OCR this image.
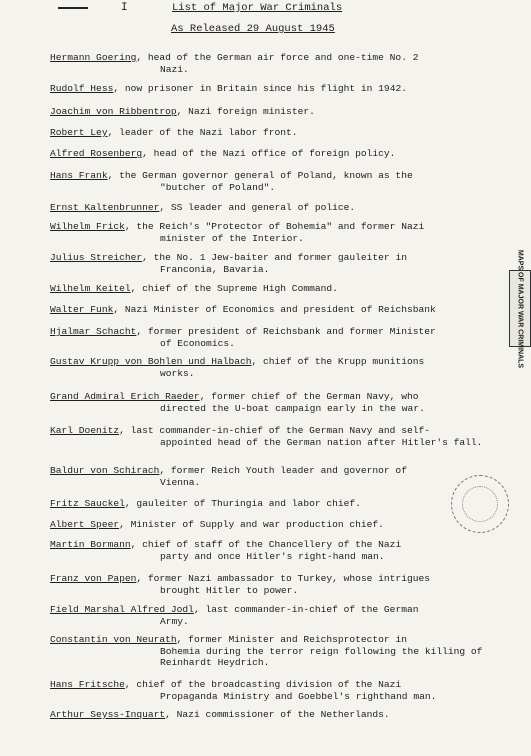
I	List of Major War Criminals
As Released 29 August 1945
Hermann Goering, head of the German air force and one-time No. 2
Nazi.
Rudolf Hess, now prisoner in Britain since his flight in 1942.
Joachim von Ribbentrop, Nazi foreign minister.
Robert Ley, leader of the Nazi labor front.
Alfred Rosenberg, head of the Nazi office of foreign policy.
Hans Frank, the German governor general of Poland, known as the
"butcher of Poland".
Ernst Kaltenbrunner, SS leader and general of police.
Wilhelm Frick, the Reich's "Protector of Bohemia" and former Nazi
minister of the Interior.
Julius Streicher, the No. 1 Jew-baiter and former gauleiter in
Franconia, Bavaria.
Wilhelm Keitel, chief of the Supreme High Command.
Walter Funk, Nazi Minister of Economics and president of Reichsbank
Hjalmar Schacht, former president of Reichsbank and former Minister
of Economics.
Gustav Krupp von Bohlen und Halbach, chief of the Krupp munitions
works.
Grand Admiral Erich Raeder, former chief of the German Navy, who
directed the U-boat campaign early in the war.
Karl Doenitz, last commander-in-chief of the German Navy and self-
appointed head of the German nation after Hitler's fall.
Baldur von Schirach, former Reich Youth leader and governor of
Vienna.
Fritz Sauckel, gauleiter of Thuringia and labor chief.
Albert Speer, Minister of Supply and war production chief.
Martin Bormann, chief of staff of the Chancellery of the Nazi
party and once Hitler's right-hand man.
Franz von Papen, former Nazi ambassador to Turkey, whose intrigues
brought Hitler to power.
Field Marshal Alfred Jodl, last commander-in-chief of the German
Army.
Constantin von Neurath, former Minister and Reichsprotector in
Bohemia during the terror reign following the killing of Reinhardt Heydrich.
Hans Fritsche, chief of the broadcasting division of the Nazi
Propaganda Ministry and Goebbel's righthand man.
Arthur Seyss-Inquart, Nazi commissioner of the Netherlands.
MAPS OF MAJOR WAR CRIMINALS
